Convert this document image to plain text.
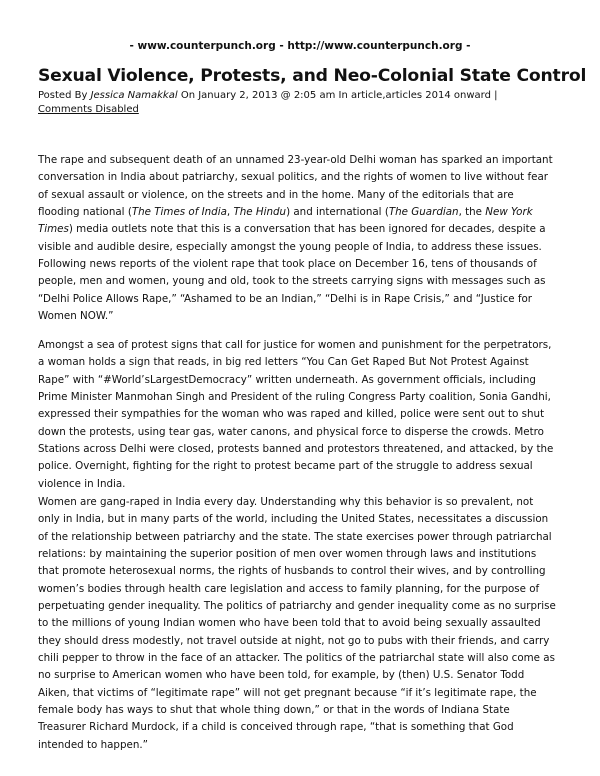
- www.counterpunch.org - http://www.counterpunch.org -
Sexual Violence, Protests, and Neo-Colonial State Control
Posted By Jessica Namakkal On January 2, 2013 @ 2:05 am In article,articles 2014 onward |
Comments Disabled
The rape and subsequent death of an unnamed 23-year-old Delhi woman has sparked an important
conversation in India about patriarchy, sexual politics, and the rights of women to live without fear
of sexual assault or violence, on the streets and in the home. Many of the editorials that are
flooding national (The Times of India, The Hindu) and international (The Guardian, the New York
Times) media outlets note that this is a conversation that has been ignored for decades, despite a
visible and audible desire, especially amongst the young people of India, to address these issues.
Following news reports of the violent rape that took place on December 16, tens of thousands of
people, men and women, young and old, took to the streets carrying signs with messages such as
“Delhi Police Allows Rape,” “Ashamed to be an Indian,” “Delhi is in Rape Crisis,” and “Justice for
Women NOW.”
Amongst a sea of protest signs that call for justice for women and punishment for the perpetrators,
a woman holds a sign that reads, in big red letters “You Can Get Raped But Not Protest Against
Rape” with “#World’sLargestDemocracy” written underneath. As government officials, including
Prime Minister Manmohan Singh and President of the ruling Congress Party coalition, Sonia Gandhi,
expressed their sympathies for the woman who was raped and killed, police were sent out to shut
down the protests, using tear gas, water canons, and physical force to disperse the crowds. Metro
Stations across Delhi were closed, protests banned and protestors threatened, and attacked, by the
police. Overnight, fighting for the right to protest became part of the struggle to address sexual
violence in India.
Women are gang-raped in India every day. Understanding why this behavior is so prevalent, not
only in India, but in many parts of the world, including the United States, necessitates a discussion
of the relationship between patriarchy and the state. The state exercises power through patriarchal
relations: by maintaining the superior position of men over women through laws and institutions
that promote heterosexual norms, the rights of husbands to control their wives, and by controlling
women’s bodies through health care legislation and access to family planning, for the purpose of
perpetuating gender inequality. The politics of patriarchy and gender inequality come as no surprise
to the millions of young Indian women who have been told that to avoid being sexually assaulted
they should dress modestly, not travel outside at night, not go to pubs with their friends, and carry
chili pepper to throw in the face of an attacker. The politics of the patriarchal state will also come as
no surprise to American women who have been told, for example, by (then) U.S. Senator Todd
Aiken, that victims of “legitimate rape” will not get pregnant because “if it’s legitimate rape, the
female body has ways to shut that whole thing down,” or that in the words of Indiana State
Treasurer Richard Murdock, if a child is conceived through rape, “that is something that God
intended to happen.”
